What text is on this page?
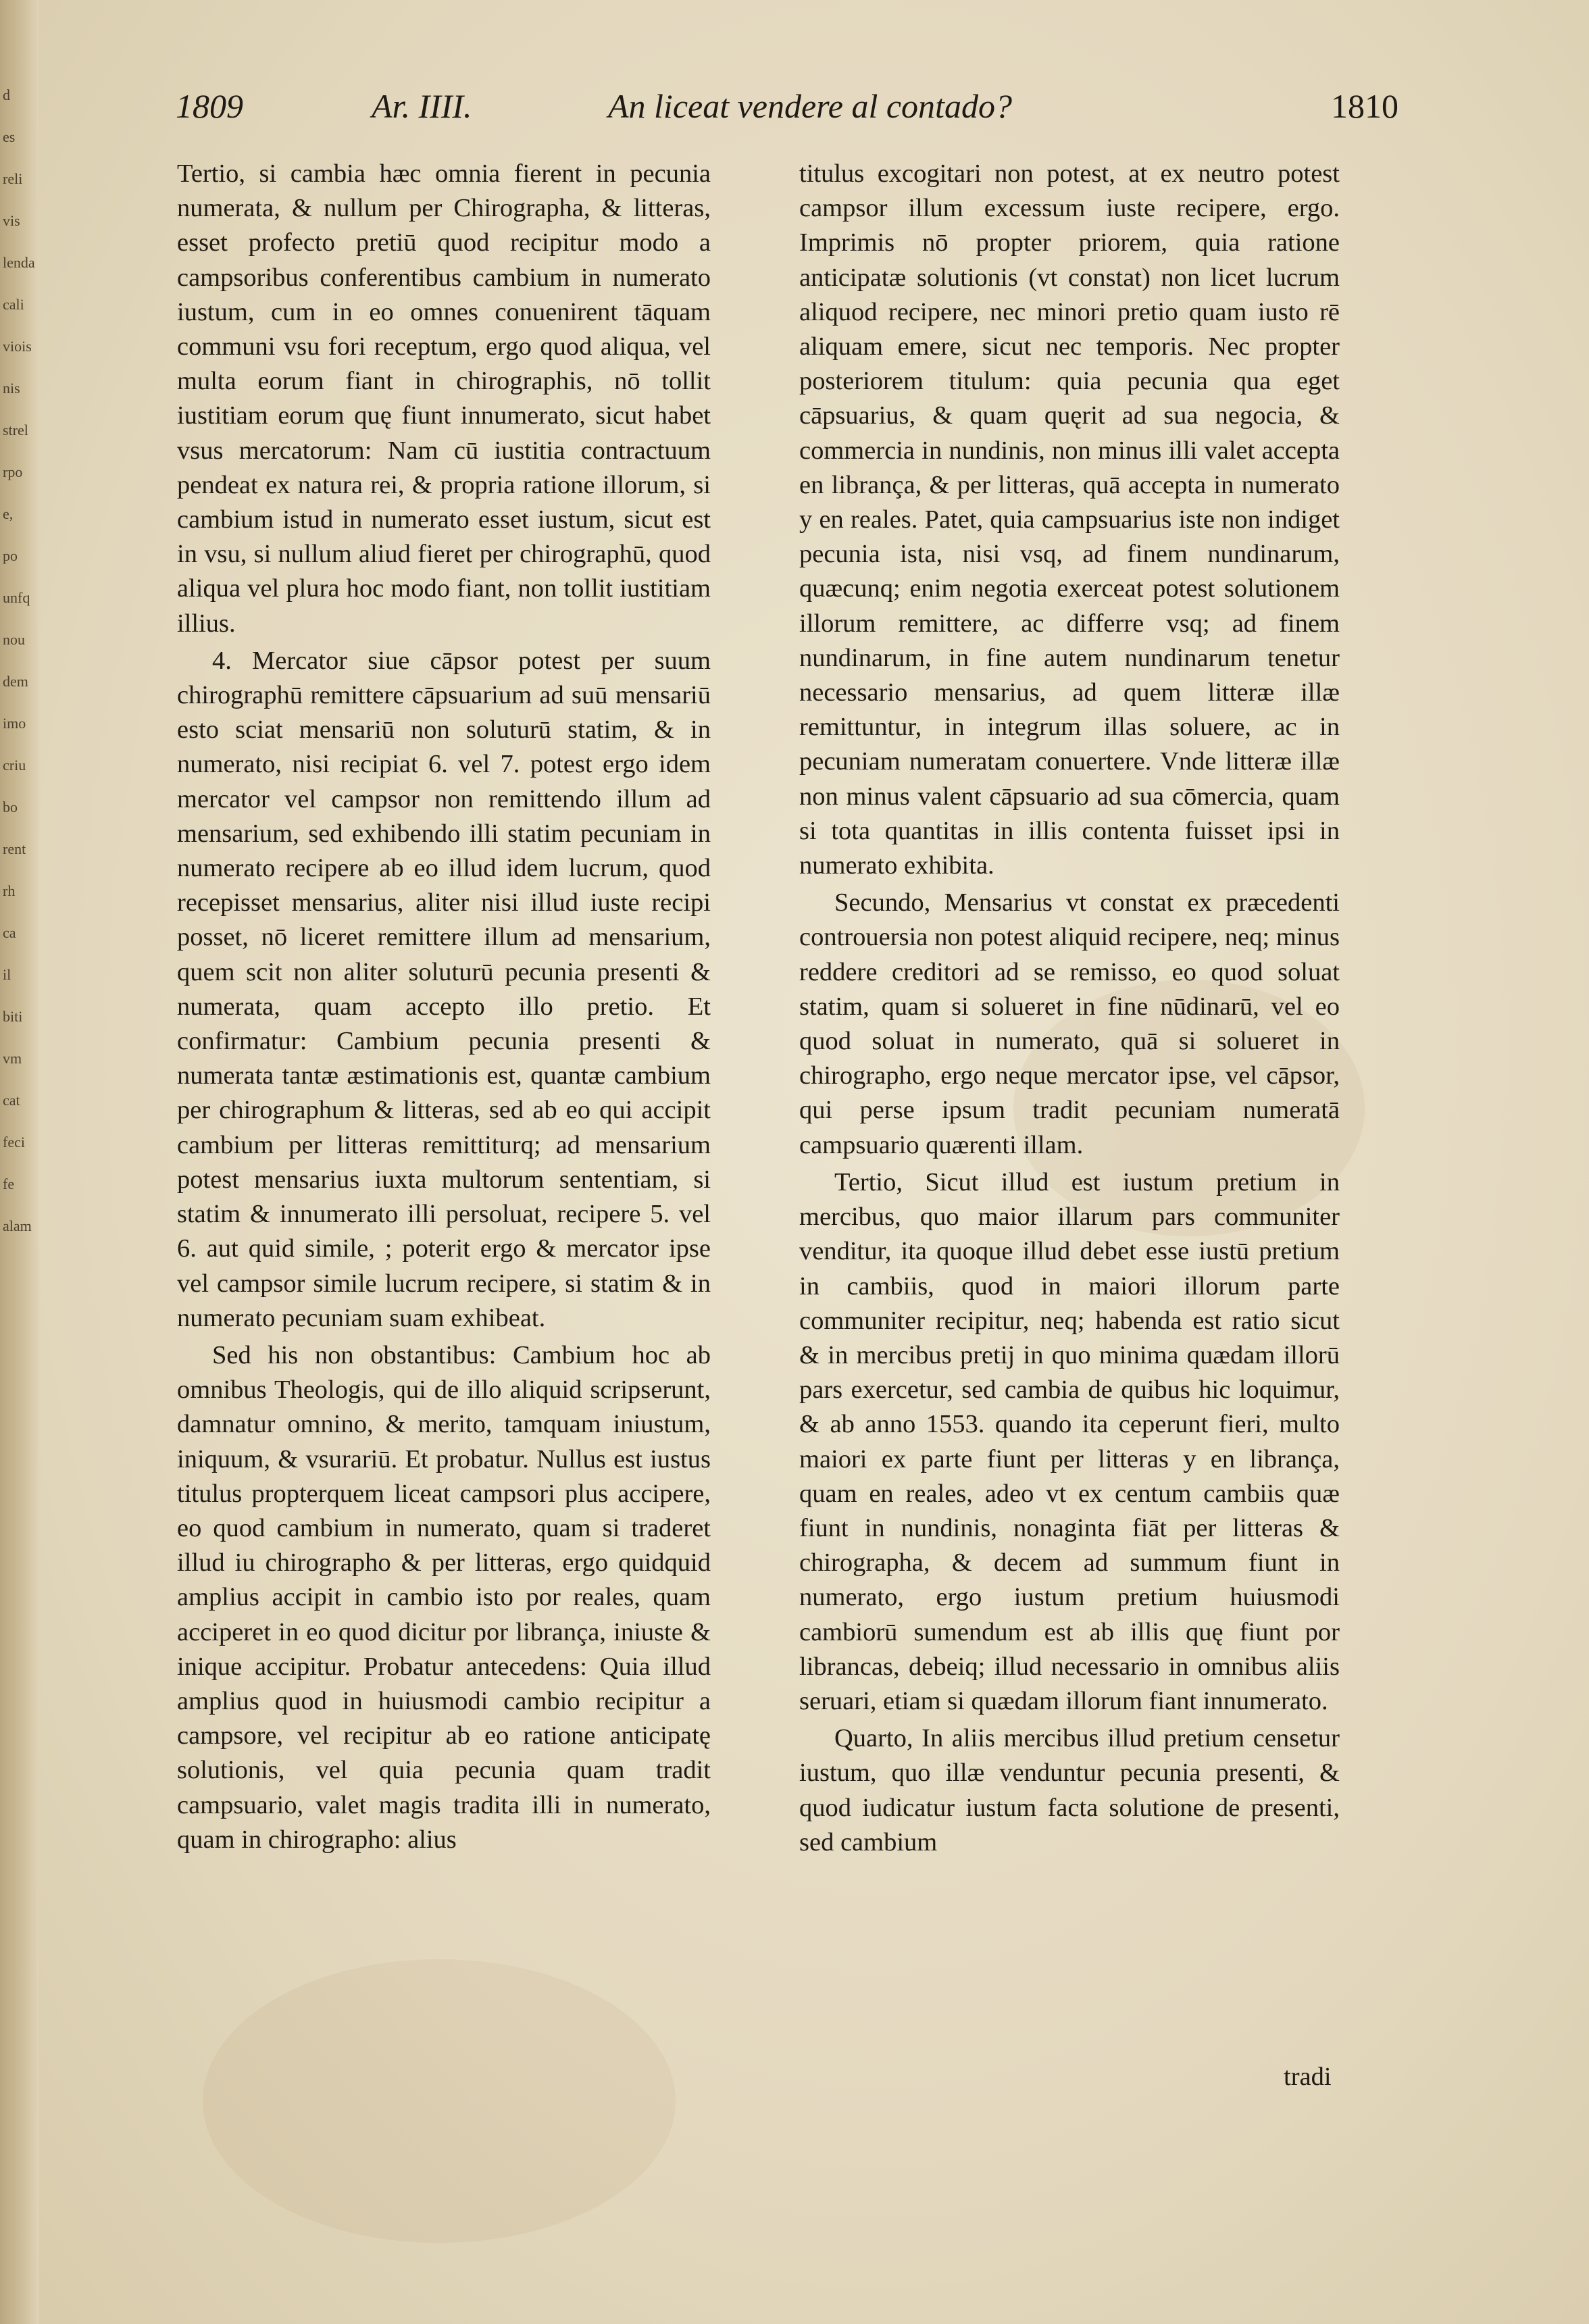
d
es
reli
vis
lenda
cali
viois
nis
strel
rpo
e,
po
unfq
nou
dem
imo
criu
bo
rent
rh
ca
il
biti
vm
cat
feci
fe
alam
1809	Ar. IIII.	An liceat vendere al contado?	1810

Tertio, si cambia hæc omnia fierent in pecunia numerata, & nullum per Chirographa, & litteras, esset profecto pretiū quod recipitur modo a campsoribus conferentibus cambium in numerato iustum, cum in eo omnes conuenirent tāquam communi vsu fori receptum, ergo quod aliqua, vel multa eorum fiant in chirographis, nō tollit iustitiam eorum quę fiunt innumerato, sicut habet vsus mercatorum: Nam cū iustitia contractuum pendeat ex natura rei, & propria ratione illorum, si cambium istud in numerato esset iustum, sicut est in vsu, si nullum aliud fieret per chirographū, quod aliqua vel plura hoc modo fiant, non tollit iustitiam illius.

4. Mercator siue cāpsor potest per suum chirographū remittere cāpsuarium ad suū mensariū esto sciat mensariū non soluturū statim, & in numerato, nisi recipiat 6. vel 7. potest ergo idem mercator vel campsor non remittendo illum ad mensarium, sed exhibendo illi statim pecuniam in numerato recipere ab eo illud idem lucrum, quod recepisset mensarius, aliter nisi illud iuste recipi posset, nō liceret remittere illum ad mensarium, quem scit non aliter soluturū pecunia presenti & numerata, quam accepto illo pretio. Et confirmatur: Cambium pecunia presenti & numerata tantæ æstimationis est, quantæ cambium per chirographum & litteras, sed ab eo qui accipit cambium per litteras remittiturq; ad mensarium potest mensarius iuxta multorum sententiam, si statim & innumerato illi persoluat, recipere 5. vel 6. aut quid simile, ; poterit ergo & mercator ipse vel campsor simile lucrum recipere, si statim & in numerato pecuniam suam exhibeat.

Sed his non obstantibus: Cambium hoc ab omnibus Theologis, qui de illo aliquid scripserunt, damnatur omnino, & merito, tamquam iniustum, iniquum, & vsurariū. Et probatur. Nullus est iustus titulus propterquem liceat campsori plus accipere, eo quod cambium in numerato, quam si traderet illud iu chirographo & per litteras, ergo quidquid amplius accipit in cambio isto por reales, quam acciperet in eo quod dicitur por librança, iniuste & inique accipitur. Probatur antecedens: Quia illud amplius quod in huiusmodi cambio recipitur a campsore, vel recipitur ab eo ratione anticipatę solutionis, vel quia pecunia quam tradit campsuario, valet magis tradita illi in numerato, quam in chirographo: alius

titulus excogitari non potest, at ex neutro potest campsor illum excessum iuste recipere, ergo. Imprimis nō propter priorem, quia ratione anticipatæ solutionis (vt constat) non licet lucrum aliquod recipere, nec minori pretio quam iusto rē aliquam emere, sicut nec temporis. Nec propter posteriorem titulum: quia pecunia qua eget cāpsuarius, & quam quęrit ad sua negocia, & commercia in nundinis, non minus illi valet accepta en librança, & per litteras, quā accepta in numerato y en reales. Patet, quia campsuarius iste non indiget pecunia ista, nisi vsq, ad finem nundinarum, quæcunq; enim negotia exerceat potest solutionem illorum remittere, ac differre vsq; ad finem nundinarum, in fine autem nundinarum tenetur necessario mensarius, ad quem litteræ illæ remittuntur, in integrum illas soluere, ac in pecuniam numeratam conuertere. Vnde litteræ illæ non minus valent cāpsuario ad sua cōmercia, quam si tota quantitas in illis contenta fuisset ipsi in numerato exhibita.

Secundo, Mensarius vt constat ex præcedenti controuersia non potest aliquid recipere, neq; minus reddere creditori ad se remisso, eo quod soluat statim, quam si solueret in fine nūdinarū, vel eo quod soluat in numerato, quā si solueret in chirographo, ergo neque mercator ipse, vel cāpsor, qui perse ipsum tradit pecuniam numeratā campsuario quærenti illam.

Tertio, Sicut illud est iustum pretium in mercibus, quo maior illarum pars communiter venditur, ita quoque illud debet esse iustū pretium in cambiis, quod in maiori illorum parte communiter recipitur, neq; habenda est ratio sicut & in mercibus pretij in quo minima quædam illorū pars exercetur, sed cambia de quibus hic loquimur, & ab anno 1553. quando ita ceperunt fieri, multo maiori ex parte fiunt per litteras y en librança, quam en reales, adeo vt ex centum cambiis quæ fiunt in nundinis, nonaginta fiāt per litteras & chirographa, & decem ad summum fiunt in numerato, ergo iustum pretium huiusmodi cambiorū sumendum est ab illis quę fiunt por librancas, debeiq; illud necessario in omnibus aliis seruari, etiam si quædam illorum fiant innumerato.

Quarto, In aliis mercibus illud pretium censetur iustum, quo illæ venduntur pecunia presenti, & quod iudicatur iustum facta solutione de presenti, sed cambium

tradi
